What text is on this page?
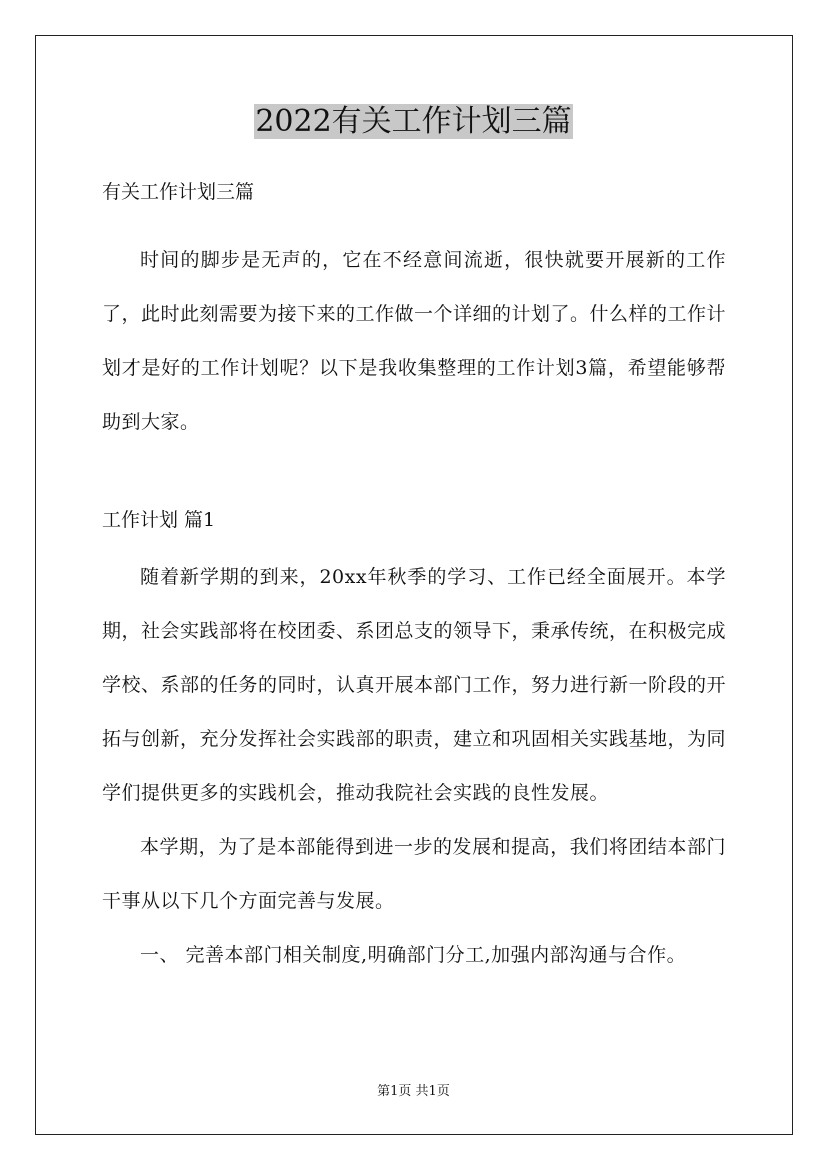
2022有关工作计划三篇

有关工作计划三篇

时间的脚步是无声的，它在不经意间流逝，很快就要开展新的工作了，此时此刻需要为接下来的工作做一个详细的计划了。什么样的工作计划才是好的工作计划呢？以下是我收集整理的工作计划3篇，希望能够帮助到大家。

工作计划 篇1

随着新学期的到来，20xx年秋季的学习、工作已经全面展开。本学期，社会实践部将在校团委、系团总支的领导下，秉承传统，在积极完成学校、系部的任务的同时，认真开展本部门工作，努力进行新一阶段的开拓与创新，充分发挥社会实践部的职责，建立和巩固相关实践基地，为同学们提供更多的实践机会，推动我院社会实践的良性发展。

本学期，为了是本部能得到进一步的发展和提高，我们将团结本部门干事从以下几个方面完善与发展。

一、 完善本部门相关制度,明确部门分工,加强内部沟通与合作。

第1页 共1页
